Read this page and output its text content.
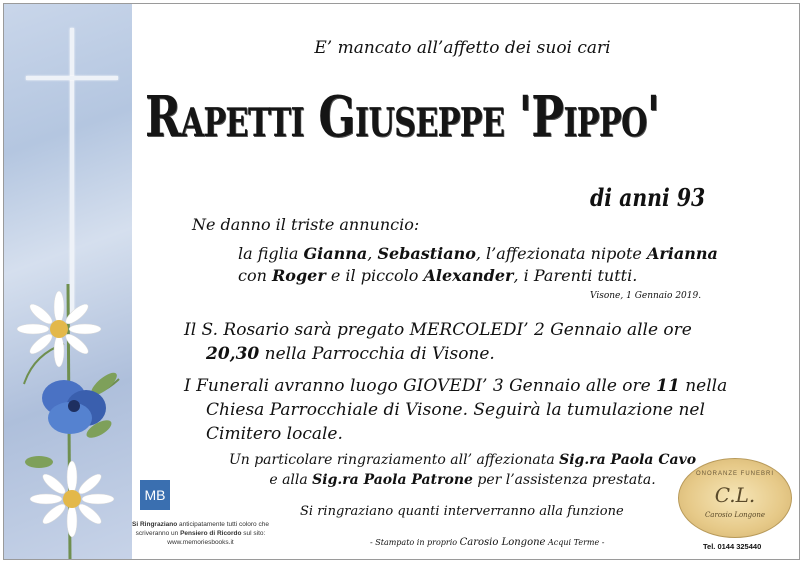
E’ mancato all’affetto dei suoi cari
Rapetti Giuseppe 'Pippo'
di anni 93
Ne danno il triste annuncio:
la figlia Gianna, Sebastiano, l’affezionata nipote Arianna
con Roger e il piccolo Alexander, i Parenti tutti.
Visone, 1 Gennaio 2019.
Il S. Rosario sarà pregato MERCOLEDI’ 2 Gennaio alle ore
20,30 nella Parrocchia di Visone.
I Funerali avranno luogo GIOVEDI’ 3 Gennaio alle ore 11 nella
Chiesa Parrocchiale di Visone. Seguirà la tumulazione nel
Cimitero locale.
Un particolare ringraziamento all’ affezionata Sig.ra Paola Cavo
e alla Sig.ra Paola Patrone per l’assistenza prestata.
Si ringraziano quanti interverranno alla funzione
- Stampato in proprio Carosio Longone Acqui Terme -
MB
Si Ringraziano anticipatamente tutti coloro che scriveranno un Pensiero di Ricordo sul sito:
www.memoriesbooks.it
ONORANZE FUNEBRI
C.L.
Carosio Longone
Tel. 0144 325440
